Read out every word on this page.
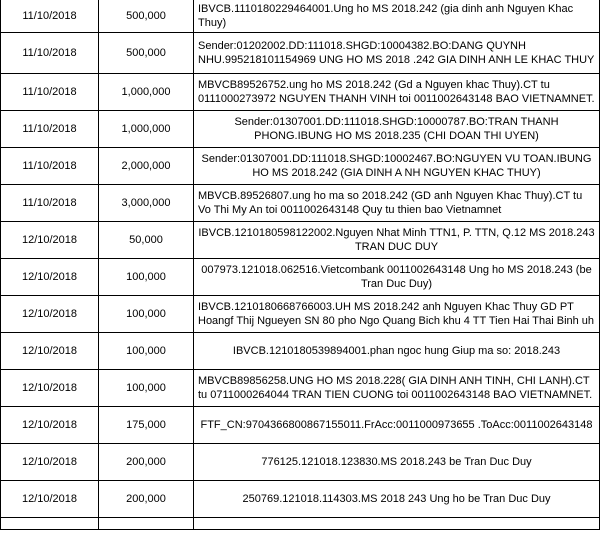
11/10/2018	500,000	IBVCB.1110180229464001.Ung ho MS 2018.242 (gia dinh anh Nguyen Khac Thuy)
11/10/2018	500,000	Sender:01202002.DD:111018.SHGD:10004382.BO:DANG QUYNH NHU.995218101154969 UNG HO MS 2018 .242 GIA DINH ANH LE KHAC THUY
11/10/2018	1,000,000	MBVCB89526752.ung ho MS 2018.242 (Gd a Nguyen khac Thuy).CT tu 0111000273972 NGUYEN THANH VINH toi 0011002643148 BAO VIETNAMNET.
11/10/2018	1,000,000	Sender:01307001.DD:111018.SHGD:10000787.BO:TRAN THANH PHONG.IBUNG HO MS 2018.235 (CHI DOAN THI UYEN)
11/10/2018	2,000,000	Sender:01307001.DD:111018.SHGD:10002467.BO:NGUYEN VU TOAN.IBUNG HO MS 2018.242 (GIA DINH A NH NGUYEN KHAC THUY)
11/10/2018	3,000,000	MBVCB.89526807.ung ho ma so 2018.242 (GD anh Nguyen Khac Thuy).CT tu Vo Thi My An toi 0011002643148 Quy tu thien bao Vietnamnet
12/10/2018	50,000	IBVCB.1210180598122002.Nguyen Nhat Minh TTN1, P. TTN, Q.12 MS 2018.243 TRAN DUC DUY
12/10/2018	100,000	007973.121018.062516.Vietcombank 0011002643148 Ung ho MS 2018.243 (be Tran Duc Duy)
12/10/2018	100,000	IBVCB.1210180668766003.UH MS 2018.242 anh Nguyen Khac Thuy GD PT Hoangf Thij Ngueyen SN 80 pho Ngo Quang Bich khu 4 TT Tien Hai Thai Binh uh
12/10/2018	100,000	IBVCB.1210180539894001.phan ngoc hung Giup ma so: 2018.243
12/10/2018	100,000	MBVCB89856258.UNG HO MS 2018.228( GIA DINH ANH TINH, CHI LANH).CT tu 0711000264044 TRAN TIEN CUONG toi 0011002643148 BAO VIETNAMNET.
12/10/2018	175,000	FTF_CN:9704366800867155011.FrAcc:0011000973655 .ToAcc:0011002643148
12/10/2018	200,000	776125.121018.123830.MS 2018.243 be Tran Duc Duy
12/10/2018	200,000	250769.121018.114303.MS 2018 243 Ung ho be Tran Duc Duy
